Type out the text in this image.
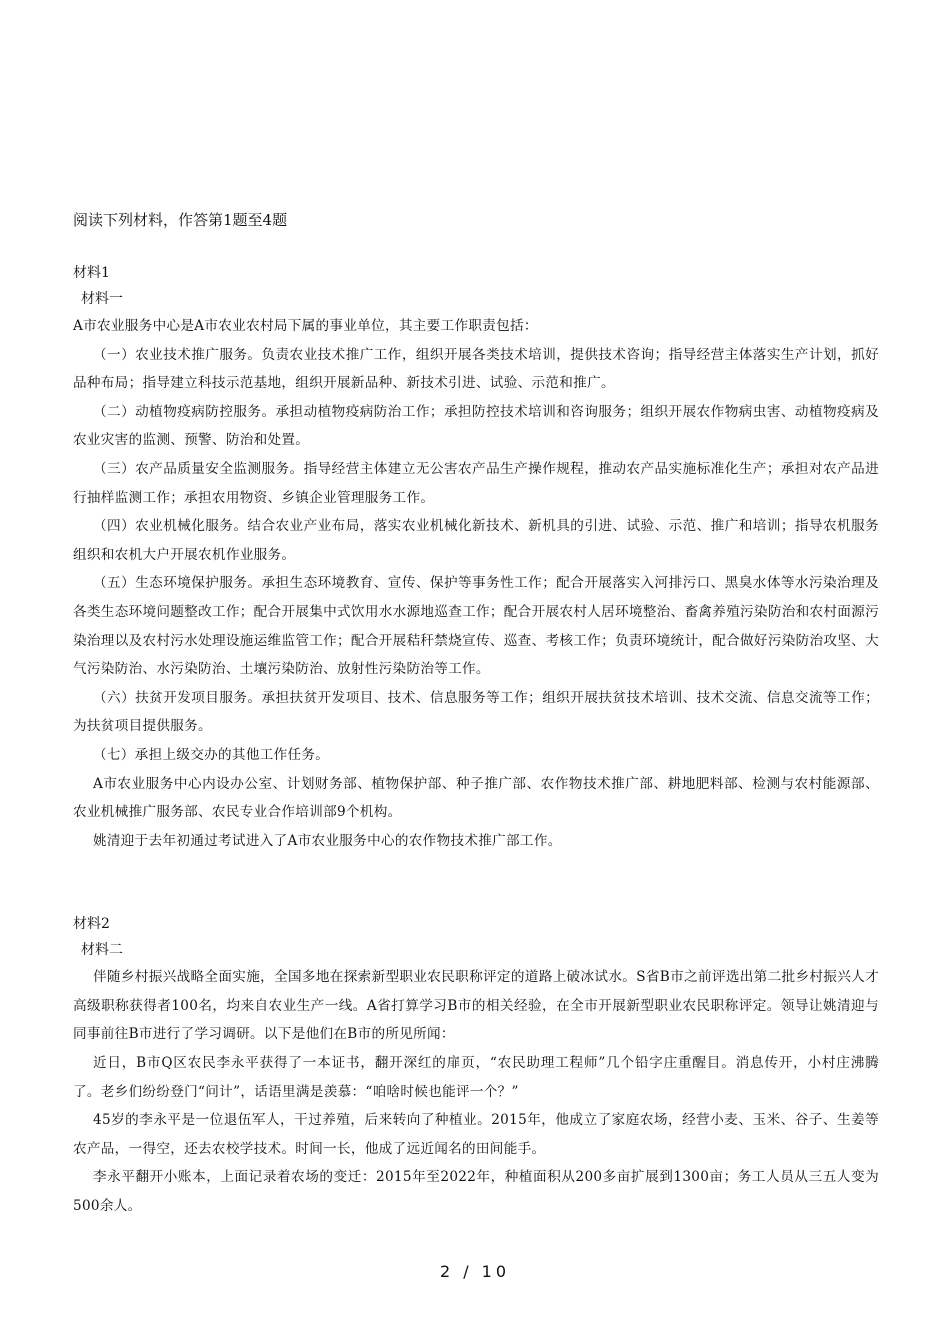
阅读下列材料，作答第1题至4题

材料1

材料一

A市农业服务中心是A市农业农村局下属的事业单位，其主要工作职责包括：

（一）农业技术推广服务。负责农业技术推广工作，组织开展各类技术培训，提供技术咨询；指导经营主体落实生产计划，抓好品种布局；指导建立科技示范基地，组织开展新品种、新技术引进、试验、示范和推广。

（二）动植物疫病防控服务。承担动植物疫病防治工作；承担防控技术培训和咨询服务；组织开展农作物病虫害、动植物疫病及农业灾害的监测、预警、防治和处置。

（三）农产品质量安全监测服务。指导经营主体建立无公害农产品生产操作规程，推动农产品实施标准化生产；承担对农产品进行抽样监测工作；承担农用物资、乡镇企业管理服务工作。

（四）农业机械化服务。结合农业产业布局，落实农业机械化新技术、新机具的引进、试验、示范、推广和培训；指导农机服务组织和农机大户开展农机作业服务。

（五）生态环境保护服务。承担生态环境教育、宣传、保护等事务性工作；配合开展落实入河排污口、黑臭水体等水污染治理及各类生态环境问题整改工作；配合开展集中式饮用水水源地巡查工作；配合开展农村人居环境整治、畜禽养殖污染防治和农村面源污染治理以及农村污水处理设施运维监管工作；配合开展秸秆禁烧宣传、巡查、考核工作；负责环境统计，配合做好污染防治攻坚、大气污染防治、水污染防治、土壤污染防治、放射性污染防治等工作。

（六）扶贫开发项目服务。承担扶贫开发项目、技术、信息服务等工作；组织开展扶贫技术培训、技术交流、信息交流等工作；为扶贫项目提供服务。

（七）承担上级交办的其他工作任务。

A市农业服务中心内设办公室、计划财务部、植物保护部、种子推广部、农作物技术推广部、耕地肥料部、检测与农村能源部、农业机械推广服务部、农民专业合作培训部9个机构。

姚清迎于去年初通过考试进入了A市农业服务中心的农作物技术推广部工作。

材料2

材料二

伴随乡村振兴战略全面实施，全国多地在探索新型职业农民职称评定的道路上破冰试水。S省B市之前评选出第二批乡村振兴人才高级职称获得者100名，均来自农业生产一线。A省打算学习B市的相关经验，在全市开展新型职业农民职称评定。领导让姚清迎与同事前往B市进行了学习调研。以下是他们在B市的所见所闻：

近日，B市Q区农民李永平获得了一本证书，翻开深红的扉页，“农民助理工程师”几个铅字庄重醒目。消息传开，小村庄沸腾了。老乡们纷纷登门“问计”，话语里满是羡慕：“咱啥时候也能评一个？”

45岁的李永平是一位退伍军人，干过养殖，后来转向了种植业。2015年，他成立了家庭农场，经营小麦、玉米、谷子、生姜等农产品，一得空，还去农校学技术。时间一长，他成了远近闻名的田间能手。

李永平翻开小账本，上面记录着农场的变迁：2015年至2022年，种植面积从200多亩扩展到1300亩；务工人员从三五人变为500余人。

2 / 10
